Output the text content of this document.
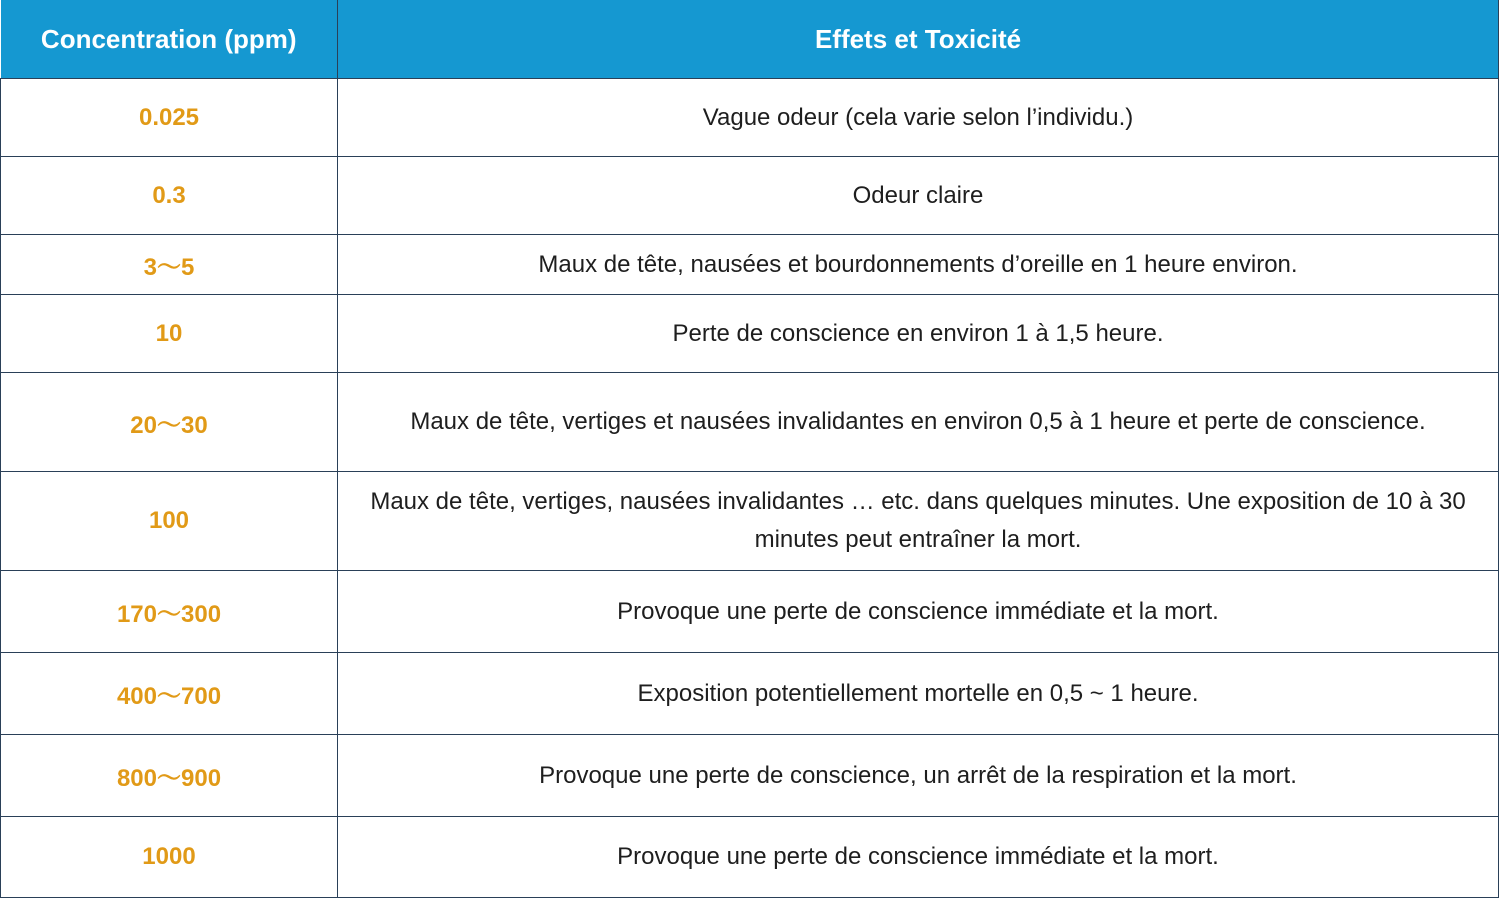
Concentration (ppm)	Effets et Toxicité
0.025	Vague odeur (cela varie selon l’individu.)
0.3	Odeur claire
3〜5	Maux de tête, nausées et bourdonnements d’oreille en 1 heure environ.
10	Perte de conscience en environ 1 à 1,5 heure.
20〜30	Maux de tête, vertiges et nausées invalidantes en environ 0,5 à 1 heure et perte de conscience.
100	Maux de tête, vertiges, nausées invalidantes … etc. dans quelques minutes. Une exposition de 10 à 30 minutes peut entraîner la mort.
170〜300	Provoque une perte de conscience immédiate et la mort.
400〜700	Exposition potentiellement mortelle en 0,5 ~ 1 heure.
800〜900	Provoque une perte de conscience, un arrêt de la respiration et la mort.
1000	Provoque une perte de conscience immédiate et la mort.
